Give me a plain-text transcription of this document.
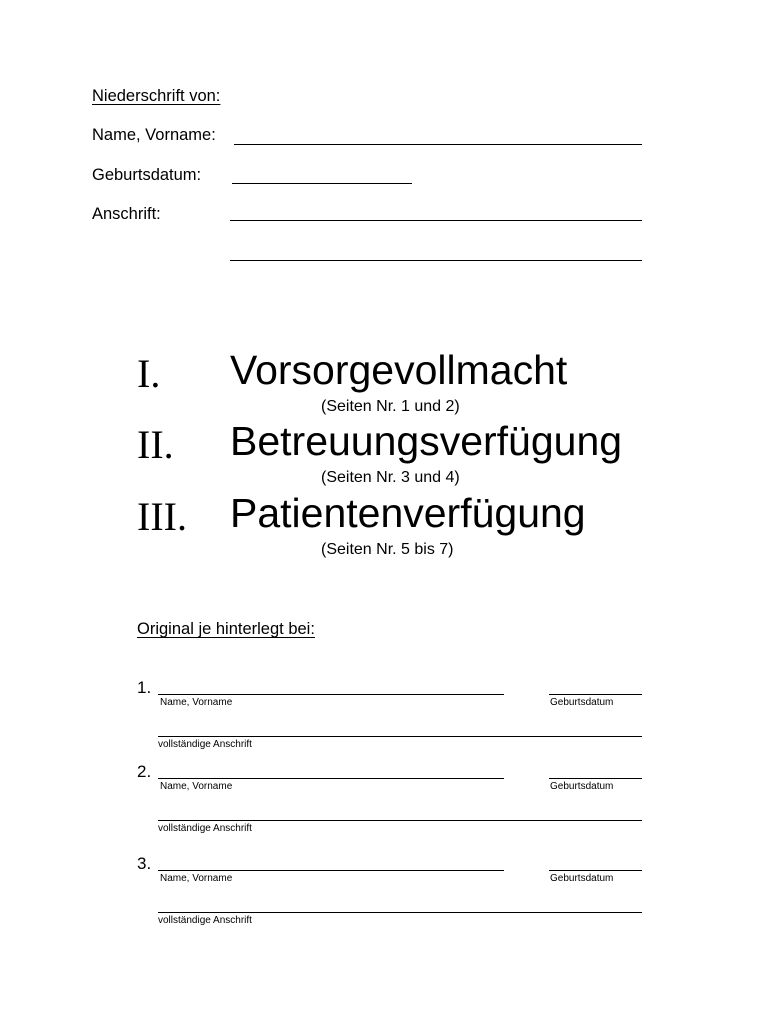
Niederschrift von:
Name, Vorname:
Geburtsdatum:
Anschrift:
I. Vorsorgevollmacht
(Seiten Nr. 1 und 2)
II. Betreuungsverfügung
(Seiten Nr. 3 und 4)
III. Patientenverfügung
(Seiten Nr. 5 bis 7)
Original je hinterlegt bei:
1.
Name, Vorname	Geburtsdatum
vollständige Anschrift
2.
Name, Vorname	Geburtsdatum
vollständige Anschrift
3.
Name, Vorname	Geburtsdatum
vollständige Anschrift
